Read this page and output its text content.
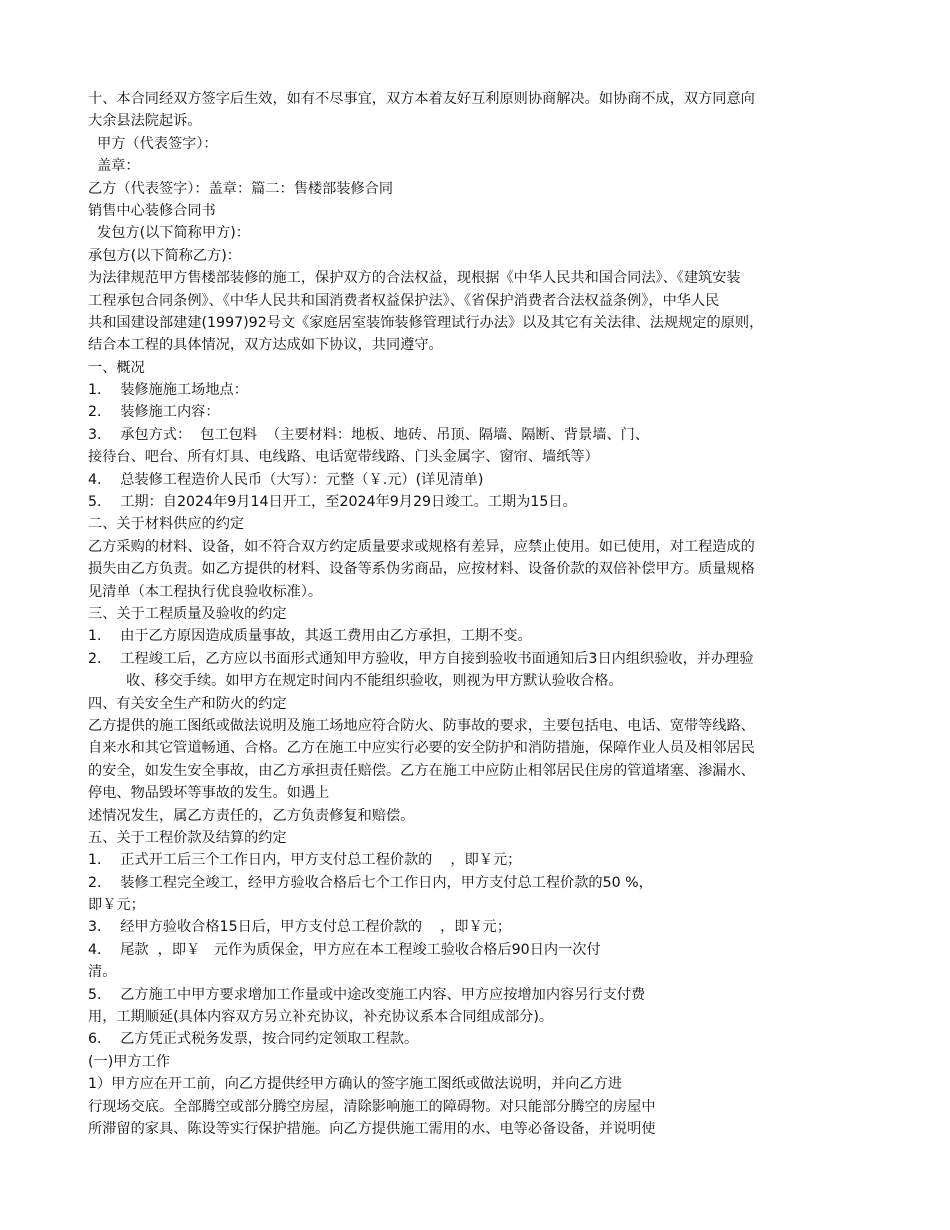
十、本合同经双方签字后生效，如有不尽事宜，双方本着友好互利原则协商解决。如协商不成，双方同意向
大余县法院起诉。
甲方（代表签字）：
盖章：
乙方（代表签字）：盖章：篇二：售楼部装修合同
销售中心装修合同书
发包方(以下简称甲方)：
承包方(以下简称乙方)：
为法律规范甲方售楼部装修的施工，保护双方的合法权益，现根据《中华人民共和国合同法》、《建筑安装
工程承包合同条例》、《中华人民共和国消费者权益保护法》、《省保护消费者合法权益条例》，中华人民
共和国建设部建建(1997)92号文《家庭居室装饰装修管理试行办法》以及其它有关法律、法规规定的原则，
结合本工程的具体情况，双方达成如下协议，共同遵守。
一、概况
1．  装修施施工场地点：
2．  装修施工内容：
3．  承包方式：  包工包料  （主要材料：地板、地砖、吊顶、隔墙、隔断、背景墙、门、
接待台、吧台、所有灯具、电线路、电话宽带线路、门头金属字、窗帘、墙纸等）
4．  总装修工程造价人民币（大写）：元整（￥.元）(详见清单)
5．  工期：自2024年9月14日开工，至2024年9月29日竣工。工期为15日。
二、关于材料供应的约定
乙方采购的材料、设备，如不符合双方约定质量要求或规格有差异，应禁止使用。如已使用，对工程造成的
损失由乙方负责。如乙方提供的材料、设备等系伪劣商品，应按材料、设备价款的双倍补偿甲方。质量规格
见清单（本工程执行优良验收标准）。
三、关于工程质量及验收的约定
1．  由于乙方原因造成质量事故，其返工费用由乙方承担，工期不变。
2．  工程竣工后，乙方应以书面形式通知甲方验收，甲方自接到验收书面通知后3日内组织验收，并办理验
收、移交手续。如甲方在规定时间内不能组织验收，则视为甲方默认验收合格。
四、有关安全生产和防火的约定
乙方提供的施工图纸或做法说明及施工场地应符合防火、防事故的要求，主要包括电、电话、宽带等线路、
自来水和其它管道畅通、合格。乙方在施工中应实行必要的安全防护和消防措施，保障作业人员及相邻居民
的安全，如发生安全事故，由乙方承担责任赔偿。乙方在施工中应防止相邻居民住房的管道堵塞、渗漏水、
停电、物品毁坏等事故的发生。如遇上
述情况发生，属乙方责任的，乙方负责修复和赔偿。
五、关于工程价款及结算的约定
1．  正式开工后三个工作日内，甲方支付总工程价款的    ，即￥元；
2．  装修工程完全竣工，经甲方验收合格后七个工作日内，甲方支付总工程价款的50 %，
即￥元；
3．  经甲方验收合格15日后，甲方支付总工程价款的    ，即￥元；
4．  尾款  ，即￥   元作为质保金，甲方应在本工程竣工验收合格后90日内一次付
清。
5．  乙方施工中甲方要求增加工作量或中途改变施工内容、甲方应按增加内容另行支付费
用，工期顺延(具体内容双方另立补充协议，补充协议系本合同组成部分)。
6．  乙方凭正式税务发票，按合同约定领取工程款。
(一)甲方工作
1）甲方应在开工前，向乙方提供经甲方确认的签字施工图纸或做法说明，并向乙方进
行现场交底。全部腾空或部分腾空房屋，清除影响施工的障碍物。对只能部分腾空的房屋中
所滞留的家具、陈设等实行保护措施。向乙方提供施工需用的水、电等必备设备，并说明使
